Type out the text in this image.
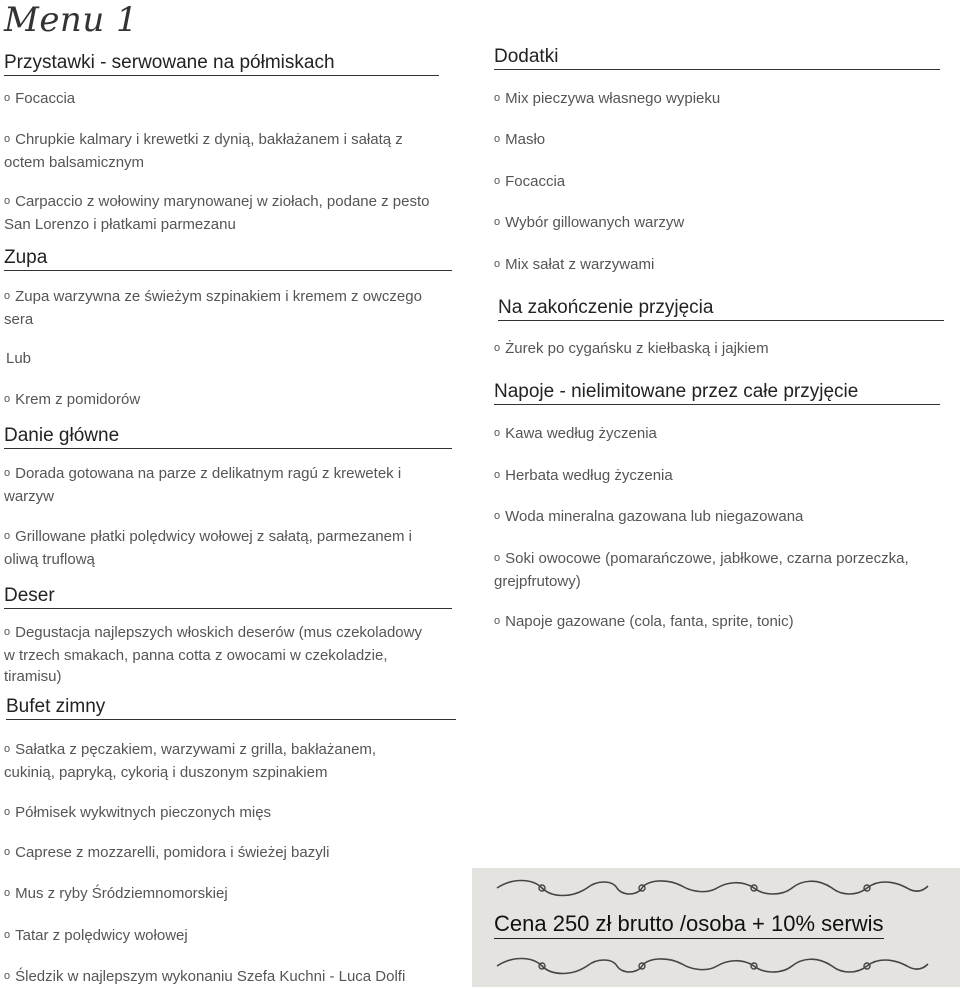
Menu 1
Przystawki - serwowane na półmiskach
o Focaccia
o Chrupkie kalmary i krewetki z dynią, bakłażanem i sałatą z octem balsamicznym
o Carpaccio z wołowiny marynowanej w ziołach, podane z pesto San Lorenzo i płatkami parmezanu
Zupa
o Zupa warzywna ze świeżym szpinakiem i kremem z owczego sera
Lub
o Krem z pomidorów
Danie główne
o Dorada gotowana na parze z delikatnym ragú z krewetek i warzyw
o Grillowane płatki polędwicy wołowej z sałatą, parmezanem i oliwą truflową
Deser
o Degustacja najlepszych włoskich deserów (mus czekoladowy w trzech smakach, panna cotta z owocami w czekoladzie, tiramisu)
Bufet zimny
o Sałatka z pęczakiem, warzywami z grilla, bakłażanem, cukinią, papryką, cykorią i duszonym szpinakiem
o Półmisek wykwitnych pieczonych mięs
o Caprese z mozzarelli, pomidora i świeżej bazyli
o Mus z ryby Śródziemnomorskiej
o Tatar z polędwicy wołowej
o Śledzik w najlepszym wykonaniu Szefa Kuchni - Luca Dolfi
Dodatki
o Mix pieczywa własnego wypieku
o Masło
o Focaccia
o Wybór gillowanych warzyw
o Mix sałat z warzywami
Na zakończenie przyjęcia
o Żurek po cygańsku z kiełbaską i jajkiem
Napoje - nielimitowane przez całe przyjęcie
o Kawa według życzenia
o Herbata według życzenia
o Woda mineralna gazowana lub niegazowana
o Soki owocowe (pomarańczowe, jabłkowe, czarna porzeczka, grejpfrutowy)
o Napoje gazowane (cola, fanta, sprite, tonic)
Cena 250 zł brutto /osoba + 10% serwis
